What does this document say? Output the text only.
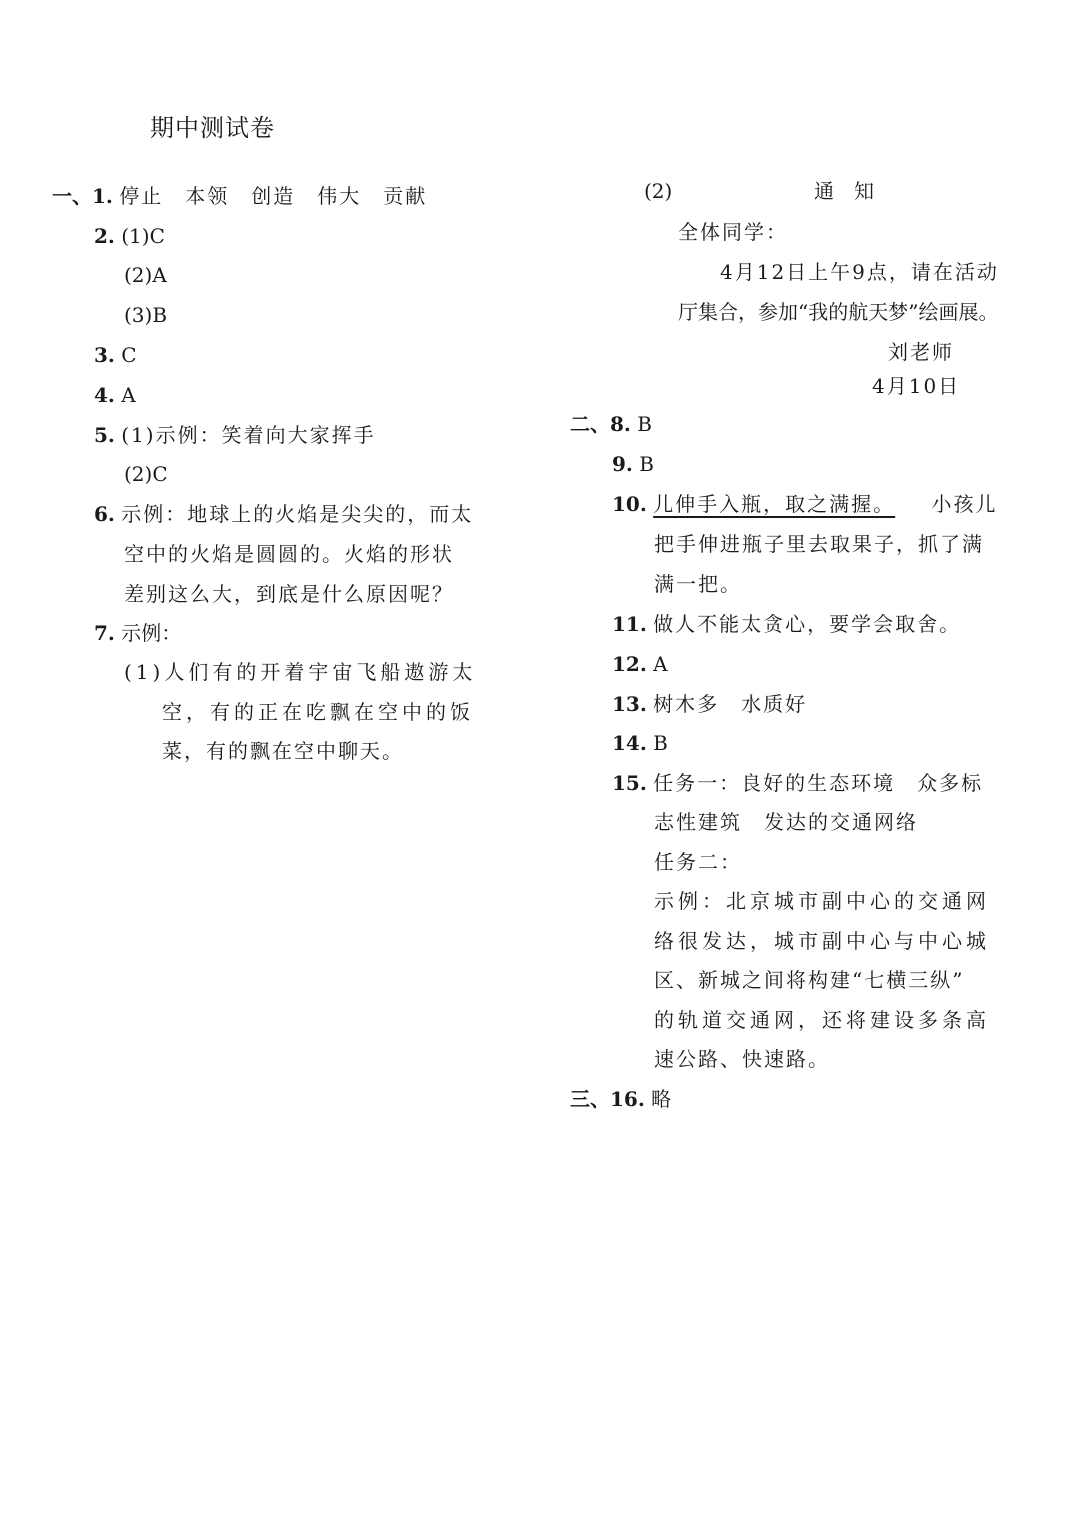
期中测试卷
一、1. 停止　本领　创造　伟大　贡献
2. (1)C
(2)A
(3)B
3. C
4. A
5. (1)示例：笑着向大家挥手
(2)C
6. 示例：地球上的火焰是尖尖的，而太
空中的火焰是圆圆的。火焰的形状
差别这么大，到底是什么原因呢？
7. 示例：
(1)人们有的开着宇宙飞船遨游太
空，有的正在吃飘在空中的饭
菜，有的飘在空中聊天。
(2)	通　知
全体同学：
4月12日上午9点，请在活动
厅集合，参加“我的航天梦”绘画展。
刘老师
4月10日
二、8. B
9. B
10. 儿伸手入瓶，取之满握。 小孩儿
把手伸进瓶子里去取果子，抓了满
满一把。
11. 做人不能太贪心，要学会取舍。
12. A
13. 树木多　水质好
14. B
15. 任务一：良好的生态环境　众多标
志性建筑　发达的交通网络
任务二：
示例：北京城市副中心的交通网
络很发达，城市副中心与中心城
区、新城之间将构建“七横三纵”
的轨道交通网，还将建设多条高
速公路、快速路。
三、16. 略
